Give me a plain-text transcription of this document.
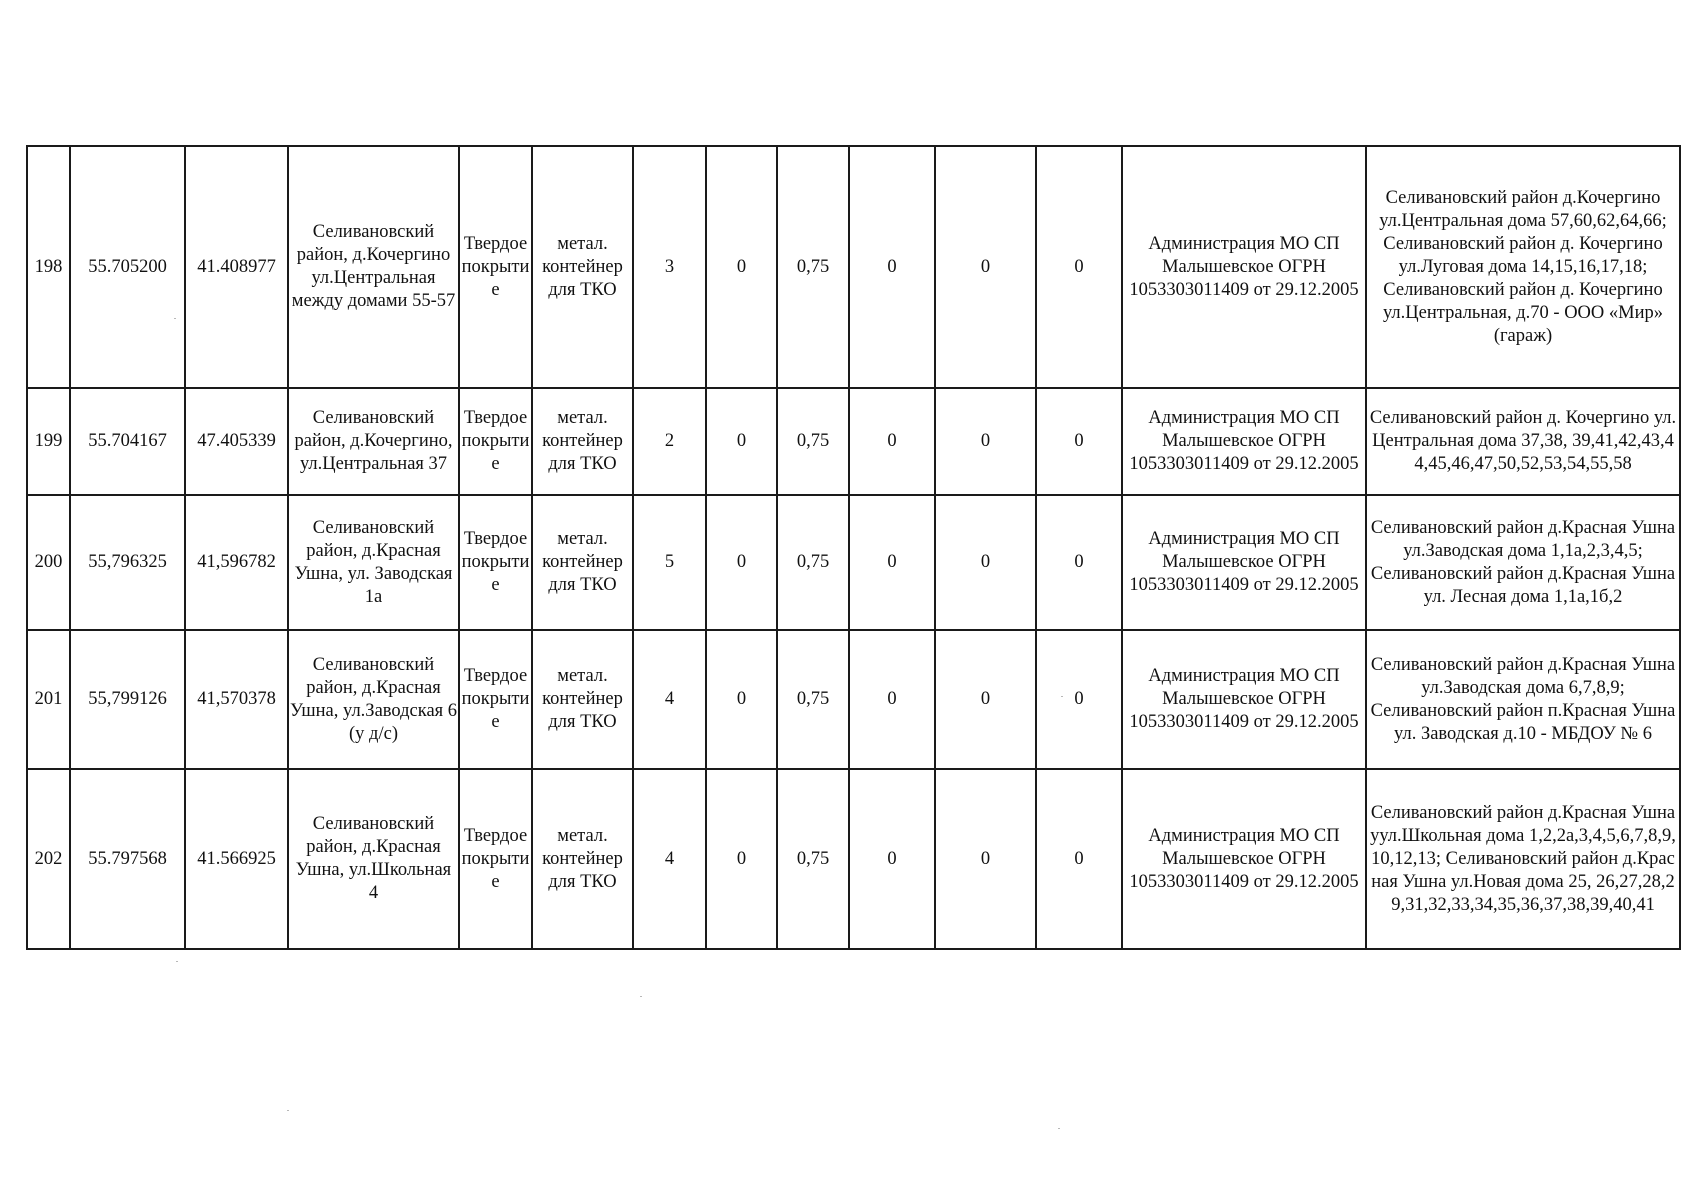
198	55.705200	41.408977	Селивановский район, д.Кочергино ул.Центральная между домами 55-57	Твердое покрытие	метал. контейнер для ТКО	3	0	0,75	0	0	0	Администрация МО СП Малышевское ОГРН 1053303011409 от 29.12.2005	Селивановский район д.Кочергино ул.Центральная дома 57,60,62,64,66; Селивановский район д. Кочергино ул.Луговая дома 14,15,16,17,18; Селивановский район д. Кочергино ул.Центральная, д.70 - ООО «Мир» (гараж)
199	55.704167	47.405339	Селивановский район, д.Кочергино, ул.Центральная 37	Твердое покрытие	метал. контейнер для ТКО	2	0	0,75	0	0	0	Администрация МО СП Малышевское ОГРН 1053303011409 от 29.12.2005	Селивановский район д. Кочергино ул.Центральная дома 37,38, 39,41,42,43,44,45,46,47,50,52,53,54,55,58
200	55,796325	41,596782	Селивановский район, д.Красная Ушна, ул. Заводская 1а	Твердое покрытие	метал. контейнер для ТКО	5	0	0,75	0	0	0	Администрация МО СП Малышевское ОГРН 1053303011409 от 29.12.2005	Селивановский район д.Красная Ушна ул.Заводская дома 1,1а,2,3,4,5; Селивановский район д.Красная Ушна ул. Лесная дома 1,1а,1б,2
201	55,799126	41,570378	Селивановский район, д.Красная Ушна, ул.Заводская 6 (у д/с)	Твердое покрытие	метал. контейнер для ТКО	4	0	0,75	0	0	0	Администрация МО СП Малышевское ОГРН 1053303011409 от 29.12.2005	Селивановский район д.Красная Ушна ул.Заводская дома 6,7,8,9; Селивановский район п.Красная Ушна ул. Заводская д.10 - МБДОУ № 6
202	55.797568	41.566925	Селивановский район, д.Красная Ушна, ул.Школьная 4	Твердое покрытие	метал. контейнер для ТКО	4	0	0,75	0	0	0	Администрация МО СП Малышевское ОГРН 1053303011409 от 29.12.2005	Селивановский район д.Красная Ушна уул.Школьная дома 1,2,2а,3,4,5,6,7,8,9,10,12,13; Селивановский район д.Красная Ушна ул.Новая дома 25, 26,27,28,29,31,32,33,34,35,36,37,38,39,40,41
